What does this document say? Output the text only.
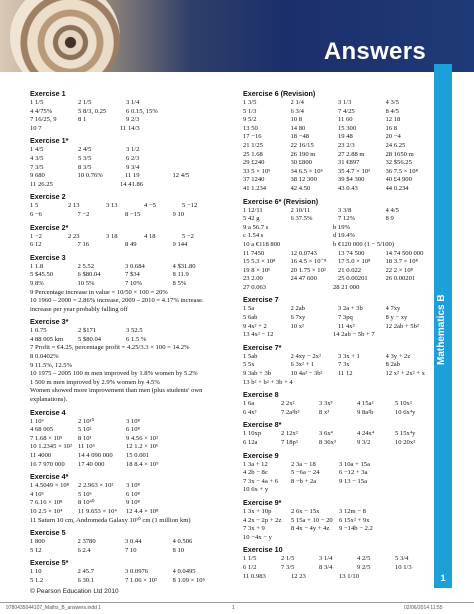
Answers
Mathematics B
1
Exercise 1
1 1/5	2 1/5	3 1/4
4 4/75%	5 8/3, 0.25	6 0.15, 15%
7 16/25, 9	8 1	9 2/3
10 7	11 14/3
Exercise 1*
1 4/5	2 4/5	3 1/2
4 3/5	5 3/5	6 2/3
7 3/5	8 3/5	9 3/4
9 680	10 0.76%	11 19	12 4/5
11 26.25	14 41.86
Exercise 2
1 5	2 13	3 13	4 −5	5 −12
6 −6	7 −2	8 −15	9 10
Exercise 2*
1 −2	2 23	3 18	4 18	5 −2
6 12	7 16	8 49	9 144
Exercise 3
1 1.8	2 5.52	3 0.684	4 $31.80
5 $45.50	6 $80.04	7 $34	8 11.9
9 8%	10 5%	7 10%	8 5%
9 Percentage increase in value = 10/50 × 100 = 20%
10 1960 – 2000 = 2.86% increase, 2009 – 2010 = 4.17% increase.
increase per year probably falling off
Exercise 3*
1 0.75	2 $171	3 52.5
4 88 005 km	5 $80.04	6 1.5 %
7 Profit = €4.25, percentage profit = 4.25/3.3 × 100 = 14.2%
8 0.0402%
9 11.5%, 12.5%
10 1975 – 2005 100 m men improved by 1.8% women by 5.2%
1 500 m men improved by 2.9% women by 4.5%
Women showed more improvement than men (plus students' own explanations).
Exercise 4
1 10⁶	2 10¹⁰	3 10⁸
4 68 005	5 10²	6 10⁸
7 1.68 × 10⁵	8 10¹	9 4.56 × 10²
10 1.2345 × 10² 11 10⁵	12 1.2 × 10⁶
11 4000	14 4 090 000	15 0.001
16 7 970 000	17 40 000	18 8.4 × 10⁹
Exercise 4*
1 4.5049 × 10⁸	2 2.963 × 10²	3 10⁸
4 10⁵	5 10⁶	6 10⁸
7 6.16 × 10⁸	8 10⁴⁰	9 10⁸
10 2.5 × 10⁴	11 9.653 × 10⁴	12 4.4 × 10⁸
11 Saturn 10 cm, Andromeda Galaxy 10¹⁰ cm (1 million km)
Exercise 5
1 800	2 3780	3 0.44	4 0.506
5 12	6 2.4	7 10	8 10
Exercise 5*
1 10	2 45.7	3 0.0976	4 0.0495
5 1.2	6 30.1	7 1.06 × 10²	8 1.09 × 10⁵
Exercise 6 (Revision)
1 3/5	2 1/4	3 1/3	4 3/5
5 1/3	6 3/4	7 4/25	8 4/5
9 5/2	10 8	11 60	12 18
13 50	14 80	15 300	16 8
17 −16	18 −48	19 48	20 −4
21 1/25	22 16/15	23 2/3	24 6.25
25 1.68	26 190 m	27 2.88 m	28 1650 m
29 £240	30 £800	31 €897	32 $56.25
33 5 × 10⁵	34 6.5 × 10⁵	35 4.7 × 10⁵	36 7.5 × 10⁸
37 1240	38 12 300	39 $4 300	40 £4 900
41 1.234	42 4.50	43 0.43	44 0.234
Exercise 6* (Revision)
1 12/11	2 10/11	3 3/8	4 4/5
5 42 g	6 37.5%	7 12%	8 9
9 a 56.7 s	b 19%
c 1.54 s	d 19.4%
10 a €118 800	b €120 000 (1 − 5/100)
11 7450	12 0.0743	13 74 500	14 74 500 000
15 5.3 × 10⁸	16 4.5 × 10⁻⁸	17 5.0 × 10⁸	18 3.7 × 10⁸
19 8 × 10⁶	20 1.75 × 10²	21 0.022	22 2 × 10⁸
23 2.00	24 47 600	25 0.00201	26 0.00201
27 0.063	28 21 000
Exercise 7
1 5a	2 2ab	3 2a + 3b	4 7xy
5 6ab	6 7xy	7 3pq	8 y − xy
9 4x² + 2	10 x²	11 4x²	12 2ab + 5b²
13 4x² − 12	14 2ab − 5b + 7
Exercise 7*
1 5ab	2 4xy − 2x²	3 3x + 1	4 3y + 2z
5 5x	6 3x² + 1	7 3x	8 2ab
9 3ab + 3b	10 4a² − 3b²	11 12	12 x² + 2x² + x
13 b² + b² + 3b + 4
Exercise 8
1 6a	2 2x²	3 3x³	4 15a²	5 10x²
6 4x³	7 2a²b³	8 x³	9 8a²b	10 6x⁴y
Exercise 8*
1 10xp	2 12x²	3 6x⁴	4 24x⁴	5 15x⁴y
6 12a	7 18p²	8 36x³	9 3/2	10 20x²
Exercise 9
1 3a + 12	2 3a − 18	3 10a + 15a
4 2b − 8c	5 −6a − 24	6 −12 + 3a
7 3x − 4a + 6	8 −b + 2a	9 13 − 15a
10 6x + y
Exercise 9*
1 3x + 10p	2 6x − 15x	3 12m − 8
4 2x − 2p + 2z	5 15a + 10 − 20 6 15x² + 9x
7 3x + 9	8 4x − 4y + 4z	9 −14b − 2.2
10 −4x − y
Exercise 10
1 1/5	2 1/5	3 1/4	4 2/5	5 3/4
6 1/2	7 3/5	8 3/4	9 2/5	10 1/3
11 0.983	12 23	13 1/10
© Pearson Education Ltd 2010
9780435044107_Maths_B_answers.indd 1	1	02/06/2014 11:55
